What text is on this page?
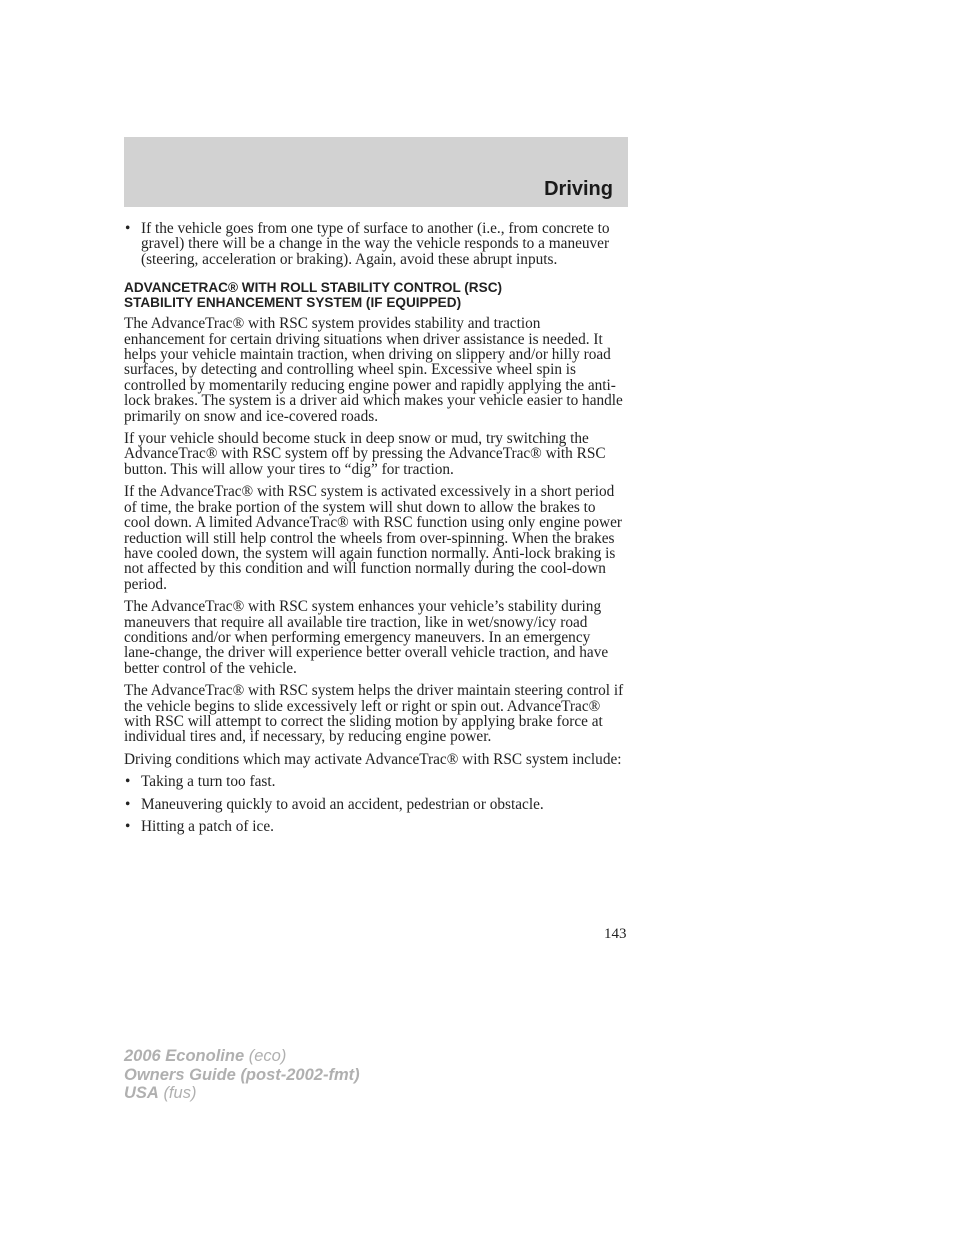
Driving
• If the vehicle goes from one type of surface to another (i.e., from concrete to gravel) there will be a change in the way the vehicle responds to a maneuver (steering, acceleration or braking). Again, avoid these abrupt inputs.
ADVANCETRAC® WITH ROLL STABILITY CONTROL (RSC)
STABILITY ENHANCEMENT SYSTEM (IF EQUIPPED)

The AdvanceTrac® with RSC system provides stability and traction enhancement for certain driving situations when driver assistance is needed. It helps your vehicle maintain traction, when driving on slippery and/or hilly road surfaces, by detecting and controlling wheel spin. Excessive wheel spin is controlled by momentarily reducing engine power and rapidly applying the anti-lock brakes. The system is a driver aid which makes your vehicle easier to handle primarily on snow and ice-covered roads.

If your vehicle should become stuck in deep snow or mud, try switching the AdvanceTrac® with RSC system off by pressing the AdvanceTrac® with RSC button. This will allow your tires to “dig” for traction.

If the AdvanceTrac® with RSC system is activated excessively in a short period of time, the brake portion of the system will shut down to allow the brakes to cool down. A limited AdvanceTrac® with RSC function using only engine power reduction will still help control the wheels from over-spinning. When the brakes have cooled down, the system will again function normally. Anti-lock braking is not affected by this condition and will function normally during the cool-down period.

The AdvanceTrac® with RSC system enhances your vehicle’s stability during maneuvers that require all available tire traction, like in wet/snowy/icy road conditions and/or when performing emergency maneuvers. In an emergency lane-change, the driver will experience better overall vehicle traction, and have better control of the vehicle.

The AdvanceTrac® with RSC system helps the driver maintain steering control if the vehicle begins to slide excessively left or right or spin out. AdvanceTrac® with RSC will attempt to correct the sliding motion by applying brake force at individual tires and, if necessary, by reducing engine power.

Driving conditions which may activate AdvanceTrac® with RSC system include:

• Taking a turn too fast.
• Maneuvering quickly to avoid an accident, pedestrian or obstacle.
• Hitting a patch of ice.
143
2006 Econoline (eco)
Owners Guide (post-2002-fmt)
USA (fus)
